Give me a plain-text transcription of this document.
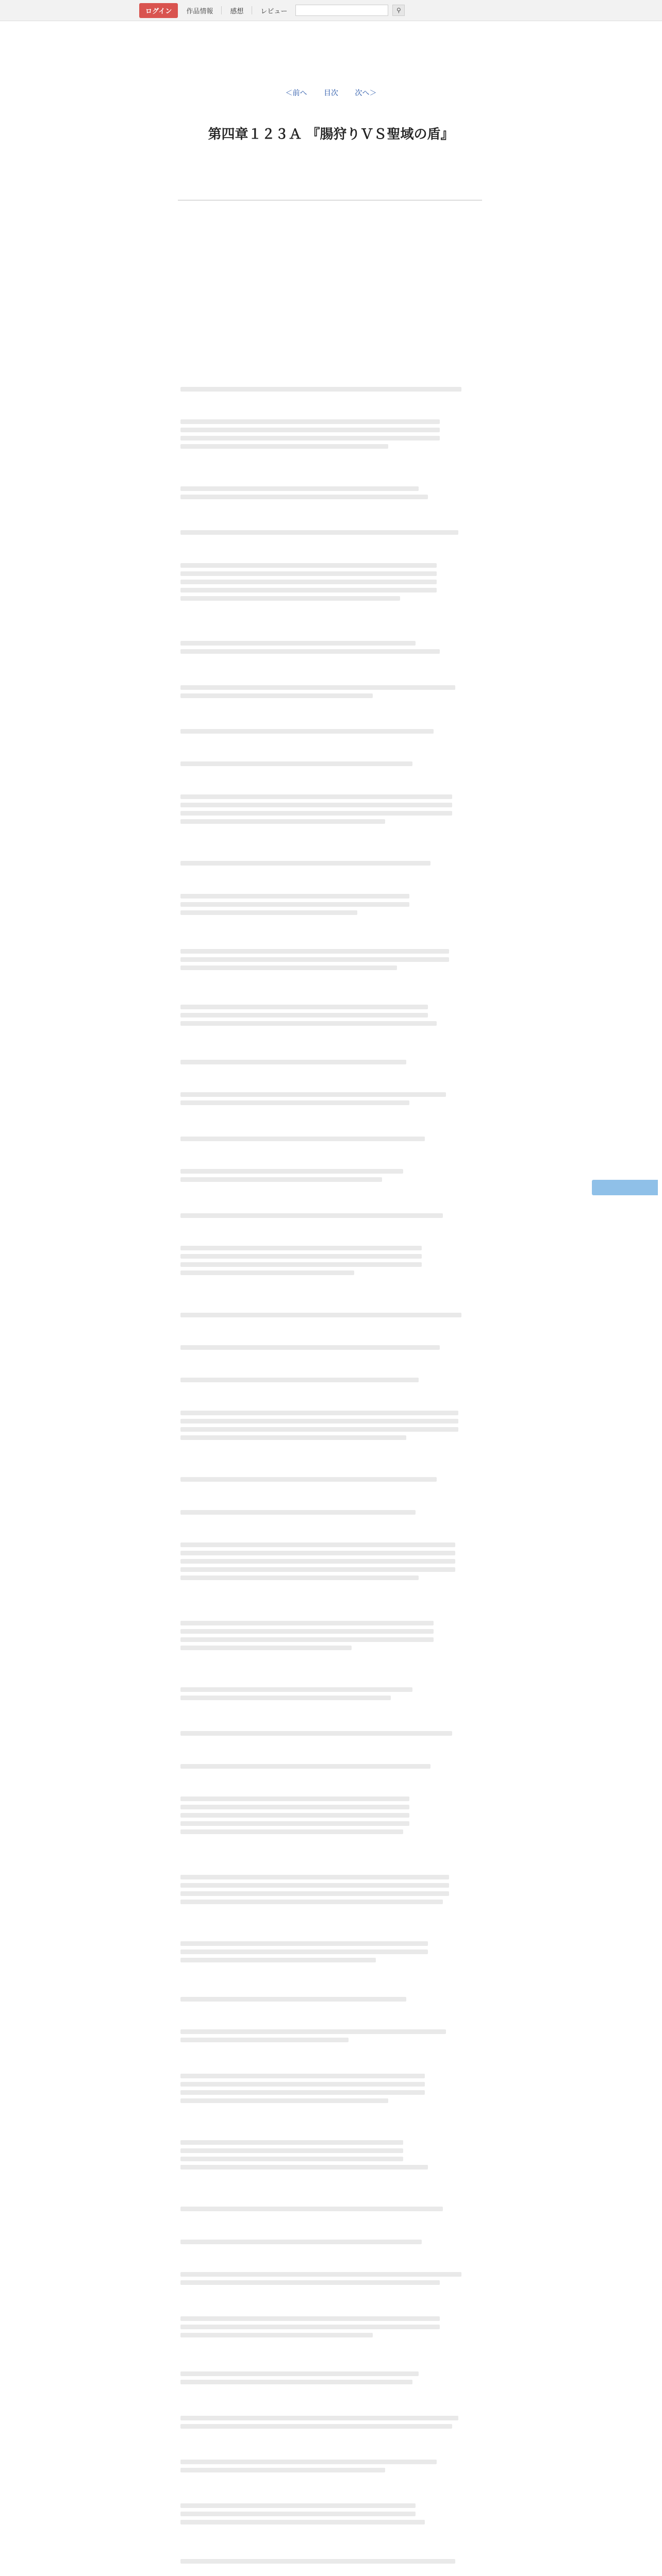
ログイン	作品情報	感想	レビュー	⚲
＜前へ 目次 次へ＞
第四章１２３Ａ 『腸狩りＶＳ聖域の盾』
